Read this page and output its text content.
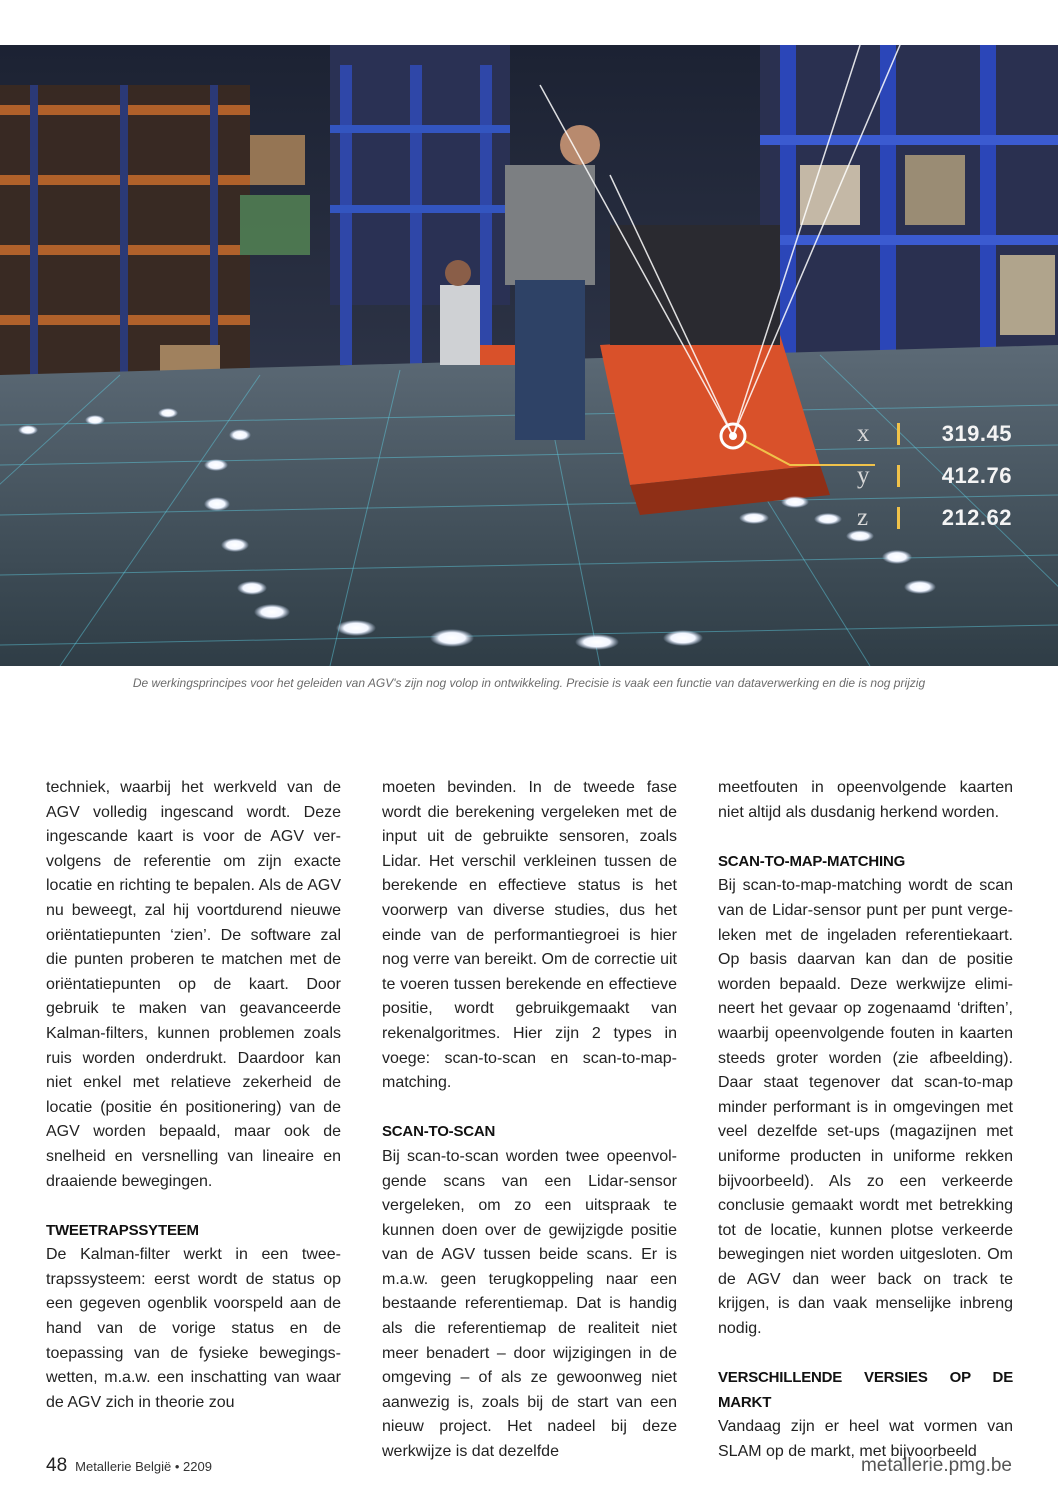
x	319.45
y	412.76
z	212.62
De werkingsprincipes voor het geleiden van AGV's zijn nog volop in ontwikkeling. Precisie is vaak een functie van dataverwerking en die is nog prijzig

techniek, waarbij het werkveld van de AGV volledig ingescand wordt. Deze ingescande kaart is voor de AGV vervolgens de referentie om zijn exacte locatie en richting te bepalen. Als de AGV nu beweegt, zal hij voortdurend nieuwe oriëntatiepunten ‘zien’. De software zal die punten proberen te matchen met de oriëntatiepunten op de kaart. Door gebruik te maken van geavanceerde Kalman-filters, kunnen problemen zoals ruis worden onderdrukt. Daardoor kan niet enkel met relatieve zekerheid de locatie (positie én positionering) van de AGV worden bepaald, maar ook de snelheid en versnelling van lineaire en draaiende bewegingen.

TWEETRAPSSYTEEM

De Kalman-filter werkt in een tweetrapssysteem: eerst wordt de status op een gegeven ogenblik voorspeld aan de hand van de vorige status en de toepassing van de fysieke bewegingswetten, m.a.w. een inschatting van waar de AGV zich in theorie zou

moeten bevinden. In de tweede fase wordt die berekening vergeleken met de input uit de gebruikte sensoren, zoals Lidar. Het verschil verkleinen tussen de berekende en effectieve status is het voorwerp van diverse studies, dus het einde van de performantiegroei is hier nog verre van bereikt. Om de correctie uit te voeren tussen berekende en effectieve positie, wordt gebruikgemaakt van rekenalgoritmes. Hier zijn 2 types in voege: scan-to-scan en scan-to-map-matching.

SCAN-TO-SCAN

Bij scan-to-scan worden twee opeenvolgende scans van een Lidar-sensor vergeleken, om zo een uitspraak te kunnen doen over de gewijzigde positie van de AGV tussen beide scans. Er is m.a.w. geen terugkoppeling naar een bestaande referentiemap. Dat is handig als die referentiemap de realiteit niet meer benadert – door wijzigingen in de omgeving – of als ze gewoonweg niet aanwezig is, zoals bij de start van een nieuw project. Het nadeel bij deze werkwijze is dat dezelfde

meetfouten in opeenvolgende kaarten niet altijd als dusdanig herkend worden.

SCAN-TO-MAP-MATCHING

Bij scan-to-map-matching wordt de scan van de Lidar-sensor punt per punt vergeleken met de ingeladen referentiekaart. Op basis daarvan kan dan de positie worden bepaald. Deze werkwijze elimineert het gevaar op zogenaamd ‘driften’, waarbij opeenvolgende fouten in kaarten steeds groter worden (zie afbeelding). Daar staat tegenover dat scan-to-map minder performant is in omgevingen met veel dezelfde set-ups (magazijnen met uniforme producten in uniforme rekken bijvoorbeeld). Als zo een verkeerde conclusie gemaakt wordt met betrekking tot de locatie, kunnen plotse verkeerde bewegingen niet worden uitgesloten. Om de AGV dan weer back on track te krijgen, is dan vaak menselijke inbreng nodig.

VERSCHILLENDE VERSIES OP DE MARKT

Vandaag zijn er heel wat vormen van SLAM op de markt, met bijvoorbeeld

48 Metallerie België • 2209	metallerie.pmg.be
